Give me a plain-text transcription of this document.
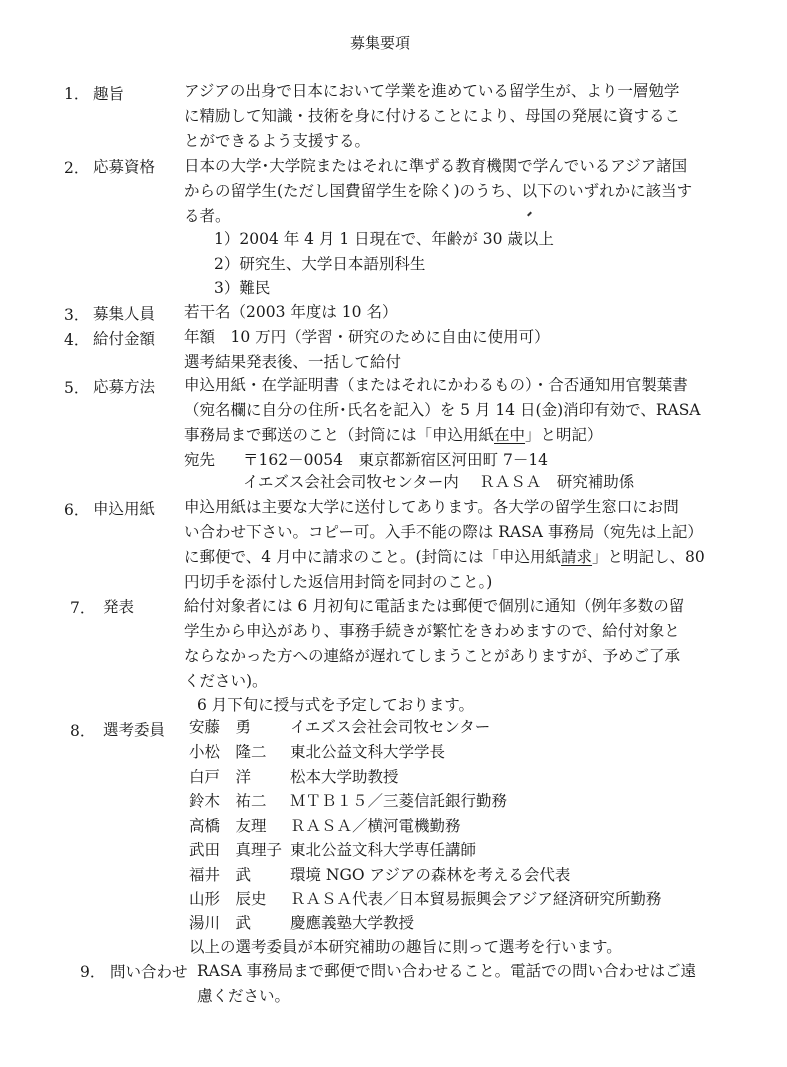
募集要項
1． 趣旨	アジアの出身で日本において学業を進めている留学生が、より一層勉学
に精励して知識・技術を身に付けることにより、母国の発展に資するこ
とができるよう支援する。
2． 応募資格 日本の大学･大学院またはそれに準ずる教育機関で学んでいるアジア諸国
からの留学生(ただし国費留学生を除く)のうち、以下のいずれかに該当す
る者。
1）2004 年 4 月 1 日現在で、年齢が 30 歳以上
2）研究生、大学日本語別科生
3）難民
3． 募集人員 若干名（2003 年度は 10 名）
4． 給付金額 年額　10 万円（学習・研究のために自由に使用可）
選考結果発表後、一括して給付
5． 応募方法 申込用紙・在学証明書（またはそれにかわるもの）・合否通知用官製葉書
（宛名欄に自分の住所･氏名を記入）を 5 月 14 日(金)消印有効で、RASA
事務局まで郵送のこと（封筒には「申込用紙在中」と明記）
宛先 〒162－0054　東京都新宿区河田町 7－14
イエズス会社会司牧センター内　 ＲＡＳＡ　研究補助係
6． 申込用紙 申込用紙は主要な大学に送付してあります。各大学の留学生窓口にお問
い合わせ下さい。コピー可。入手不能の際は RASA 事務局（宛先は上記）
に郵便で、4 月中に請求のこと。(封筒には「申込用紙請求」と明記し、80
円切手を添付した返信用封筒を同封のこと。)
7． 発表	給付対象者には 6 月初旬に電話または郵便で個別に通知（例年多数の留
学生から申込があり、事務手続きが繁忙をきわめますので、給付対象と
ならなかった方への連絡が遅れてしまうことがありますが、予めご了承
ください)。
6 月下旬に授与式を予定しております。
8． 選考委員 安藤　勇	イエズス会社会司牧センター
小松　隆二 東北公益文科大学学長
白戸　洋	松本大学助教授
鈴木　祐二 ＭＴＢ１５／三菱信託銀行勤務
高橋　友理 ＲＡＳＡ／横河電機勤務
武田　真理子 東北公益文科大学専任講師
福井　武	環境 NGO アジアの森林を考える会代表
山形　辰史 ＲＡＳＡ代表／日本貿易振興会アジア経済研究所勤務
湯川　武	慶應義塾大学教授
以上の選考委員が本研究補助の趣旨に則って選考を行います。
9． 問い合わせ RASA 事務局まで郵便で問い合わせること。電話での問い合わせはご遠
慮ください。
